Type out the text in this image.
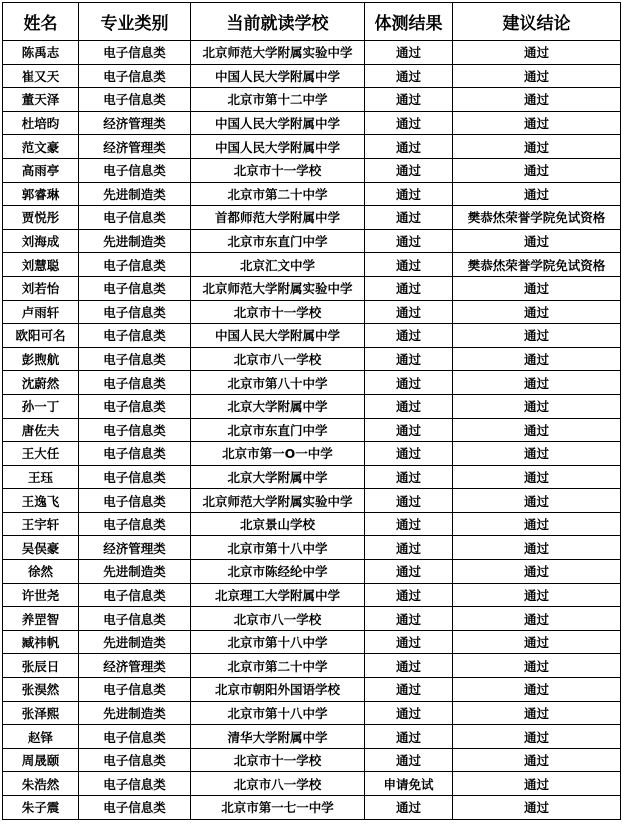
姓名	专业类别	当前就读学校	体测结果	建议结论
陈禹志	电子信息类	北京师范大学附属实验中学	通过	通过
崔又天	电子信息类	中国人民大学附属中学	通过	通过
董天泽	电子信息类	北京市第十二中学	通过	通过
杜培昀	经济管理类	中国人民大学附属中学	通过	通过
范文豪	经济管理类	中国人民大学附属中学	通过	通过
高雨亭	电子信息类	北京市十一学校	通过	通过
郭睿琳	先进制造类	北京市第二十中学	通过	通过
贾悦彤	电子信息类	首都师范大学附属中学	通过	樊恭烋荣誉学院免试资格
刘海成	先进制造类	北京市东直门中学	通过	通过
刘慧聪	电子信息类	北京汇文中学	通过	樊恭烋荣誉学院免试资格
刘若怡	电子信息类	北京师范大学附属实验中学	通过	通过
卢雨轩	电子信息类	北京市十一学校	通过	通过
欧阳可名	电子信息类	中国人民大学附属中学	通过	通过
彭煦航	电子信息类	北京市八一学校	通过	通过
沈蔚然	电子信息类	北京市第八十中学	通过	通过
孙一丁	电子信息类	北京大学附属中学	通过	通过
唐佐夫	电子信息类	北京市东直门中学	通过	通过
王大任	电子信息类	北京市第一O一中学	通过	通过
王珏	电子信息类	北京大学附属中学	通过	通过
王逸飞	电子信息类	北京师范大学附属实验中学	通过	通过
王宇轩	电子信息类	北京景山学校	通过	通过
吴俣豪	经济管理类	北京市第十八中学	通过	通过
徐然	先进制造类	北京市陈经纶中学	通过	通过
许世尧	电子信息类	北京理工大学附属中学	通过	通过
养罡智	电子信息类	北京市八一学校	通过	通过
臧祎帆	先进制造类	北京市第十八中学	通过	通过
张辰日	经济管理类	北京市第二十中学	通过	通过
张淏然	电子信息类	北京市朝阳外国语学校	通过	通过
张泽熙	先进制造类	北京市第十八中学	通过	通过
赵铎	电子信息类	清华大学附属中学	通过	通过
周晟颐	电子信息类	北京市十一学校	通过	通过
朱浩然	电子信息类	北京市八一学校	申请免试	通过
朱子震	电子信息类	北京市第一七一中学	通过	通过
